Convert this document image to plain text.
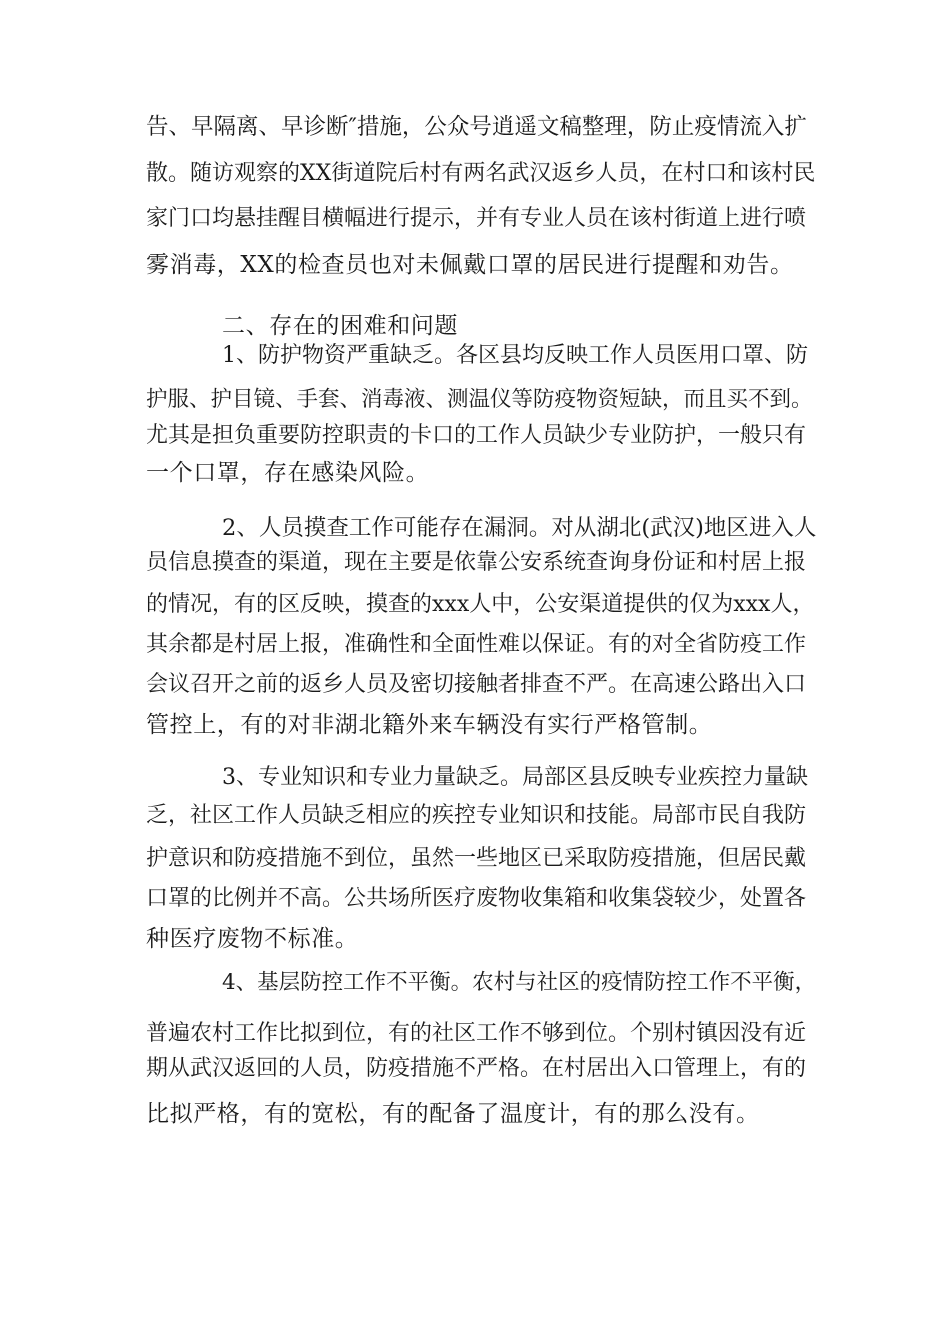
告、早隔离、早诊断″措施，公众号逍遥文稿整理，防止疫情流入扩

散。随访观察的XX街道院后村有两名武汉返乡人员，在村口和该村民

家门口均悬挂醒目横幅进行提示，并有专业人员在该村街道上进行喷

雾消毒，XX的检查员也对未佩戴口罩的居民进行提醒和劝告。

二、存在的困难和问题

1、防护物资严重缺乏。各区县均反映工作人员医用口罩、防

护服、护目镜、手套、消毒液、测温仪等防疫物资短缺，而且买不到。

尤其是担负重要防控职责的卡口的工作人员缺少专业防护，一般只有

一个口罩，存在感染风险。

2、人员摸查工作可能存在漏洞。对从湖北(武汉)地区进入人

员信息摸查的渠道，现在主要是依靠公安系统查询身份证和村居上报

的情况，有的区反映，摸查的xxx人中，公安渠道提供的仅为xxx人，

其余都是村居上报，准确性和全面性难以保证。有的对全省防疫工作

会议召开之前的返乡人员及密切接触者排查不严。在高速公路出入口

管控上，有的对非湖北籍外来车辆没有实行严格管制。

3、专业知识和专业力量缺乏。局部区县反映专业疾控力量缺

乏，社区工作人员缺乏相应的疾控专业知识和技能。局部市民自我防

护意识和防疫措施不到位，虽然一些地区已采取防疫措施，但居民戴

口罩的比例并不高。公共场所医疗废物收集箱和收集袋较少，处置各

种医疗废物不标准。

4、基层防控工作不平衡。农村与社区的疫情防控工作不平衡，

普遍农村工作比拟到位，有的社区工作不够到位。个别村镇因没有近

期从武汉返回的人员，防疫措施不严格。在村居出入口管理上，有的

比拟严格，有的宽松，有的配备了温度计，有的那么没有。
